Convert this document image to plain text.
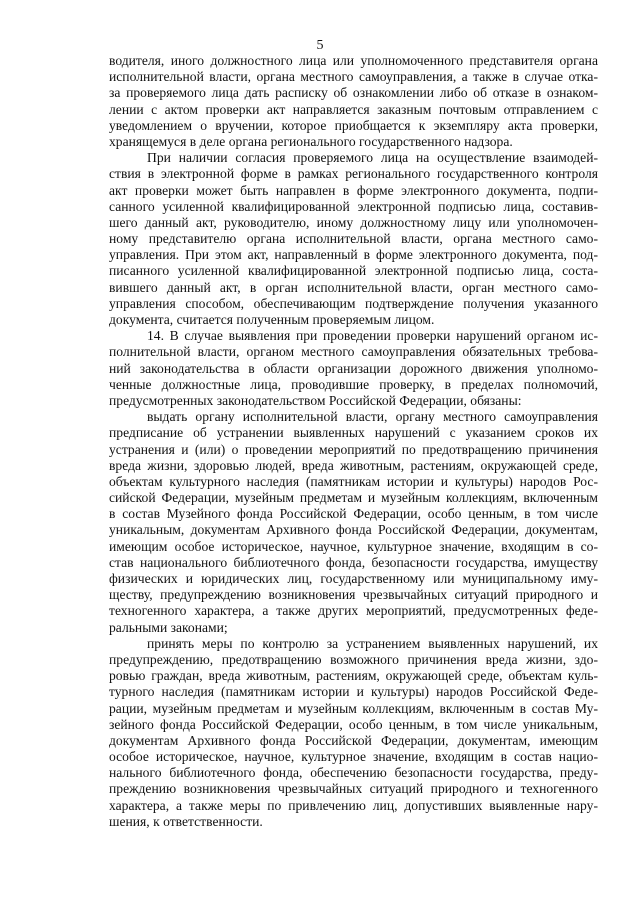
5
водителя, иного должностного лица или уполномоченного представителя органа
исполнительной власти, органа местного самоуправления, а также в случае отка-
за проверяемого лица дать расписку об ознакомлении либо об отказе в ознаком-
лении с актом проверки акт направляется заказным почтовым отправлением с
уведомлением о вручении, которое приобщается к экземпляру акта проверки,
хранящемуся в деле органа регионального государственного надзора.
При наличии согласия проверяемого лица на осуществление взаимодей-
ствия в электронной форме в рамках регионального государственного контроля
акт проверки может быть направлен в форме электронного документа, подпи-
санного усиленной квалифицированной электронной подписью лица, составив-
шего данный акт, руководителю, иному должностному лицу или уполномочен-
ному представителю органа исполнительной власти, органа местного само-
управления. При этом акт, направленный в форме электронного документа, под-
писанного усиленной квалифицированной электронной подписью лица, соста-
вившего данный акт, в орган исполнительной власти, орган местного само-
управления способом, обеспечивающим подтверждение получения указанного
документа, считается полученным проверяемым лицом.
14. В случае выявления при проведении проверки нарушений органом ис-
полнительной власти, органом местного самоуправления обязательных требова-
ний законодательства в области организации дорожного движения уполномо-
ченные должностные лица, проводившие проверку, в пределах полномочий,
предусмотренных законодательством Российской Федерации, обязаны:
выдать органу исполнительной власти, органу местного самоуправления
предписание об устранении выявленных нарушений с указанием сроков их
устранения и (или) о проведении мероприятий по предотвращению причинения
вреда жизни, здоровью людей, вреда животным, растениям, окружающей среде,
объектам культурного наследия (памятникам истории и культуры) народов Рос-
сийской Федерации, музейным предметам и музейным коллекциям, включенным
в состав Музейного фонда Российской Федерации, особо ценным, в том числе
уникальным, документам Архивного фонда Российской Федерации, документам,
имеющим особое историческое, научное, культурное значение, входящим в со-
став национального библиотечного фонда, безопасности государства, имуществу
физических и юридических лиц, государственному или муниципальному иму-
ществу, предупреждению возникновения чрезвычайных ситуаций природного и
техногенного характера, а также других мероприятий, предусмотренных феде-
ральными законами;
принять меры по контролю за устранением выявленных нарушений, их
предупреждению, предотвращению возможного причинения вреда жизни, здо-
ровью граждан, вреда животным, растениям, окружающей среде, объектам куль-
турного наследия (памятникам истории и культуры) народов Российской Феде-
рации, музейным предметам и музейным коллекциям, включенным в состав Му-
зейного фонда Российской Федерации, особо ценным, в том числе уникальным,
документам Архивного фонда Российской Федерации, документам, имеющим
особое историческое, научное, культурное значение, входящим в состав нацио-
нального библиотечного фонда, обеспечению безопасности государства, преду-
преждению возникновения чрезвычайных ситуаций природного и техногенного
характера, а также меры по привлечению лиц, допустивших выявленные нару-
шения, к ответственности.
